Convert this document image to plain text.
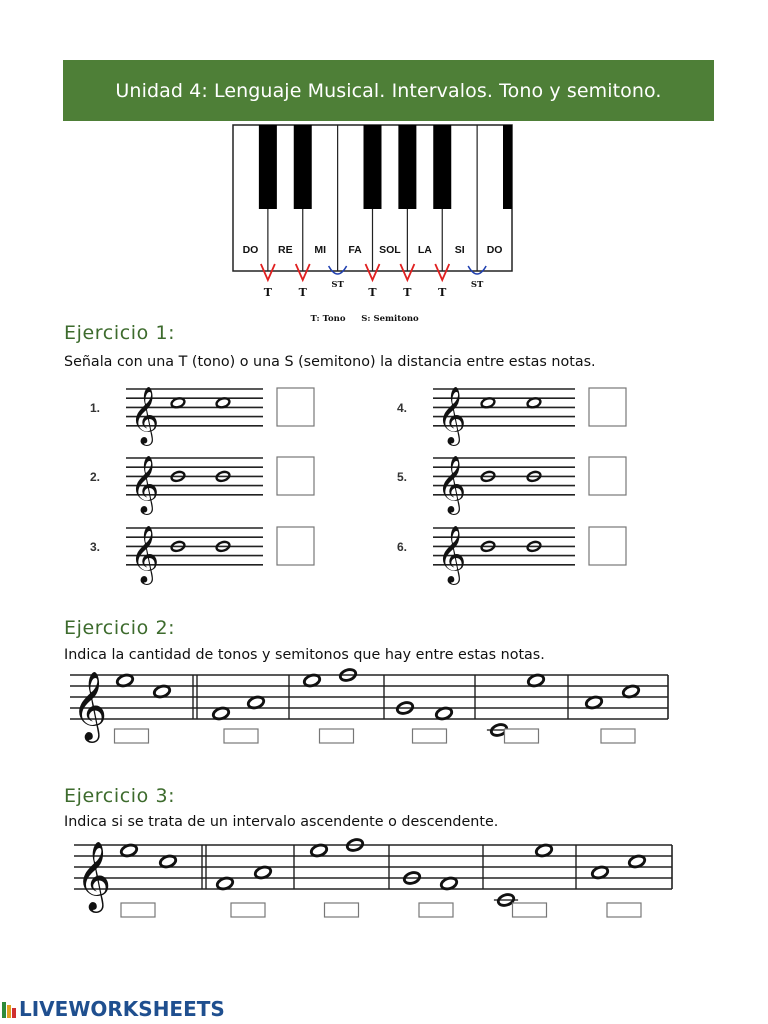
Unidad 4: Lenguaje Musical. Intervalos. Tono y semitono.
DO RE MI FA SOL LA SI DO
T T
ST
T T T
ST
T: Tono S: Semitono
Ejercicio 1:
Señala con una T (tono) o una S (semitono) la distancia entre estas notas.
1. 𝄞
2. 𝄞
3. 𝄞
4. 𝄞
5. 𝄞
6. 𝄞
Ejercicio 2:
Indica la cantidad de tonos y semitonos que hay entre estas notas.
𝄞
Ejercicio 3:
Indica si se trata de un intervalo ascendente o descendente.
𝄞
LIVEWORKSHEETS
